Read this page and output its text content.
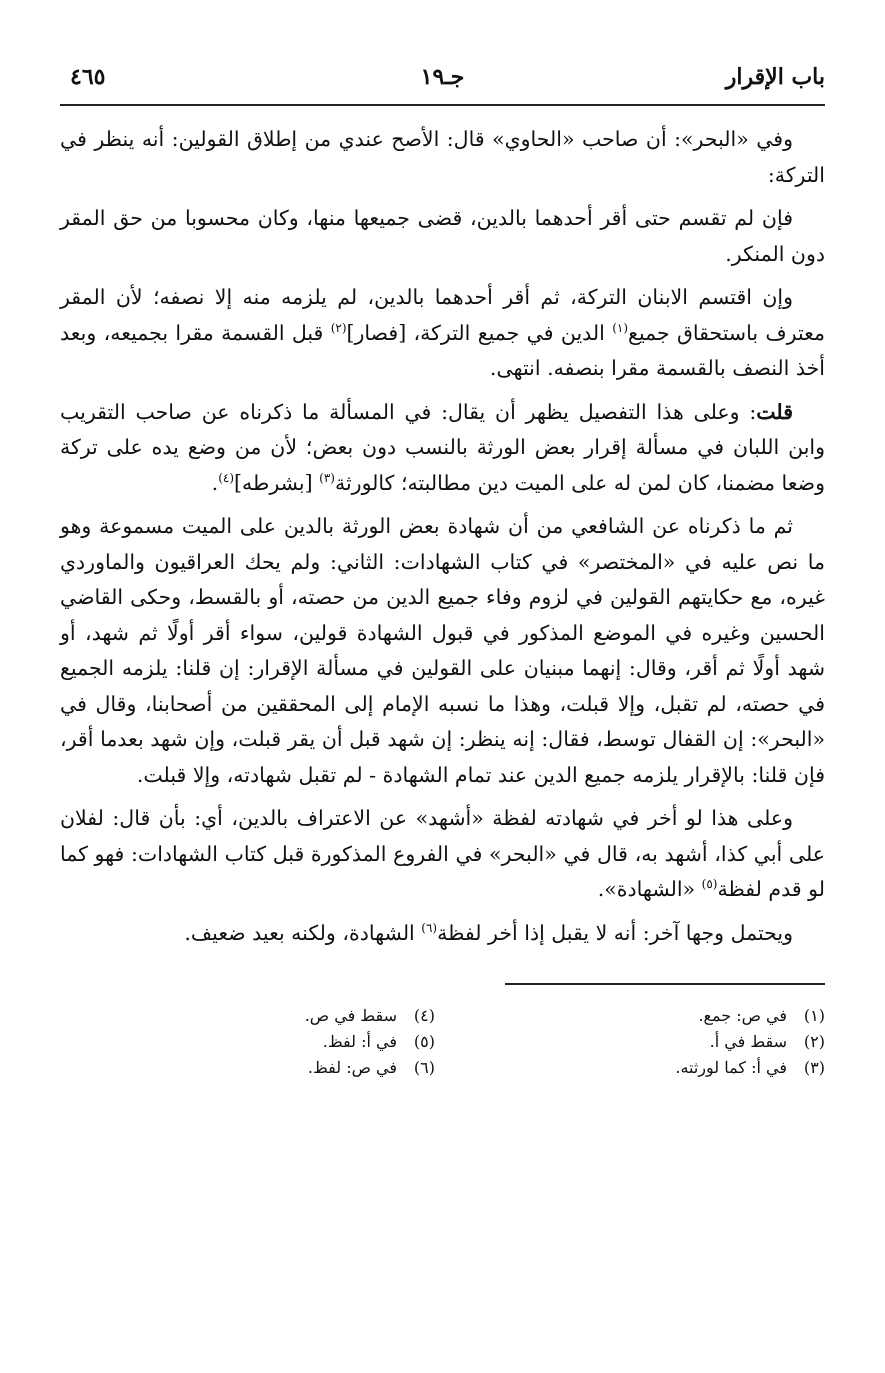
باب الإقرار
جـ١٩
٤٦٥

وفي «البحر»: أن صاحب «الحاوي» قال: الأصح عندي من إطلاق القولين: أنه ينظر في التركة:

فإن لم تقسم حتى أقر أحدهما بالدين، قضى جميعها منها، وكان محسوبا من حق المقر دون المنكر.

وإن اقتسم الابنان التركة، ثم أقر أحدهما بالدين، لم يلزمه منه إلا نصفه؛ لأن المقر معترف باستحقاق جميع$^{(١)}$ الدين في جميع التركة، [فصار]$^{(٢)}$ قبل القسمة مقرا بجميعه، وبعد أخذ النصف بالقسمة مقرا بنصفه. انتهى.

قلت: وعلى هذا التفصيل يظهر أن يقال: في المسألة ما ذكرناه عن صاحب التقريب وابن اللبان في مسألة إقرار بعض الورثة بالنسب دون بعض؛ لأن من وضع يده على تركة وضعا مضمنا، كان لمن له على الميت دين مطالبته؛ كالورثة$^{(٣)}$ [بشرطه]$^{(٤)}$.

ثم ما ذكرناه عن الشافعي من أن شهادة بعض الورثة بالدين على الميت مسموعة وهو ما نص عليه في «المختصر» في كتاب الشهادات: الثاني: ولم يحك العراقيون والماوردي غيره، مع حكايتهم القولين في لزوم وفاء جميع الدين من حصته، أو بالقسط، وحكى القاضي الحسين وغيره في الموضع المذكور في قبول الشهادة قولين، سواء أقر أولًا ثم شهد، أو شهد أولًا ثم أقر، وقال: إنهما مبنيان على القولين في مسألة الإقرار: إن قلنا: يلزمه الجميع في حصته، لم تقبل، وإلا قبلت، وهذا ما نسبه الإمام إلى المحققين من أصحابنا، وقال في «البحر»: إن القفال توسط، فقال: إنه ينظر: إن شهد قبل أن يقر قبلت، وإن شهد بعدما أقر، فإن قلنا: بالإقرار يلزمه جميع الدين عند تمام الشهادة - لم تقبل شهادته، وإلا قبلت.

وعلى هذا لو أخر في شهادته لفظة «أشهد» عن الاعتراف بالدين، أي: بأن قال: لفلان على أبي كذا، أشهد به، قال في «البحر» في الفروع المذكورة قبل كتاب الشهادات: فهو كما لو قدم لفظة$^{(٥)}$ «الشهادة».

ويحتمل وجها آخر: أنه لا يقبل إذا أخر لفظة$^{(٦)}$ الشهادة، ولكنه بعيد ضعيف.

(١)
في ص: جمع.
(٢)
سقط في أ.
(٣)
في أ: كما لورثته.
(٤)
سقط في ص.
(٥)
في أ: لفظ.
(٦)
في ص: لفظ.
